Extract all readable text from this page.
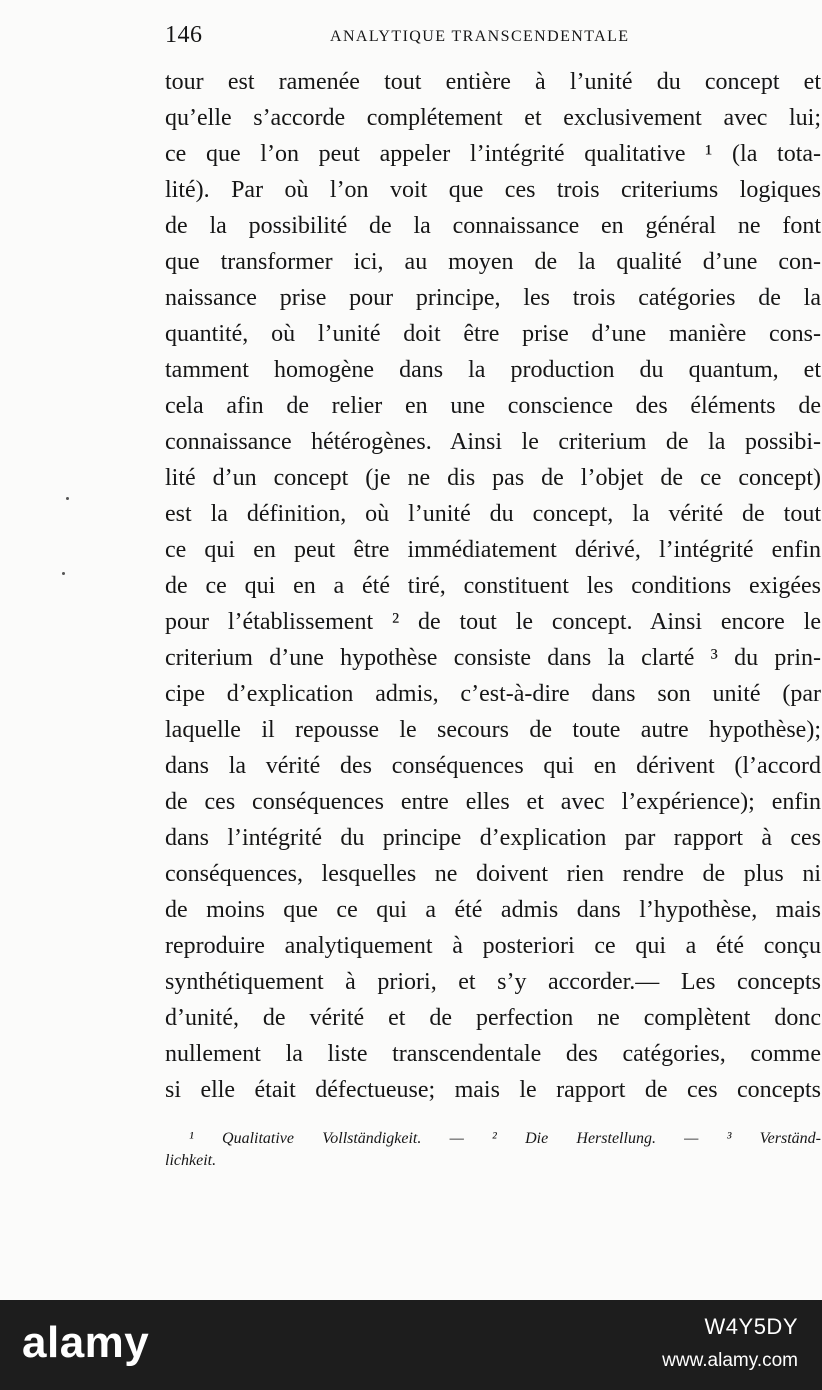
146	ANALYTIQUE TRANSCENDENTALE
tour est ramenée tout entière à l’unité du concept et
qu’elle s’accorde complétement et exclusivement avec lui;
ce que l’on peut appeler l’intégrité qualitative ¹ (la tota-
lité). Par où l’on voit que ces trois criteriums logiques
de la possibilité de la connaissance en général ne font
que transformer ici, au moyen de la qualité d’une con-
naissance prise pour principe, les trois catégories de la
quantité, où l’unité doit être prise d’une manière cons-
tamment homogène dans la production du quantum, et
cela afin de relier en une conscience des éléments de
connaissance hétérogènes. Ainsi le criterium de la possibi-
lité d’un concept (je ne dis pas de l’objet de ce concept)
est la définition, où l’unité du concept, la vérité de tout
ce qui en peut être immédiatement dérivé, l’intégrité enfin
de ce qui en a été tiré, constituent les conditions exigées
pour l’établissement ² de tout le concept. Ainsi encore le
criterium d’une hypothèse consiste dans la clarté ³ du prin-
cipe d’explication admis, c’est-à-dire dans son unité (par
laquelle il repousse le secours de toute autre hypothèse);
dans la vérité des conséquences qui en dérivent (l’accord
de ces conséquences entre elles et avec l’expérience); enfin
dans l’intégrité du principe d’explication par rapport à ces
conséquences, lesquelles ne doivent rien rendre de plus ni
de moins que ce qui a été admis dans l’hypothèse, mais
reproduire analytiquement à posteriori ce qui a été conçu
synthétiquement à priori, et s’y accorder.— Les concepts
d’unité, de vérité et de perfection ne complètent donc
nullement la liste transcendentale des catégories, comme
si elle était défectueuse; mais le rapport de ces concepts
¹ Qualitative Vollständigkeit. — ² Die Herstellung. — ³ Verständ-
lichkeit.
alamy	W4Y5DY
www.alamy.com
